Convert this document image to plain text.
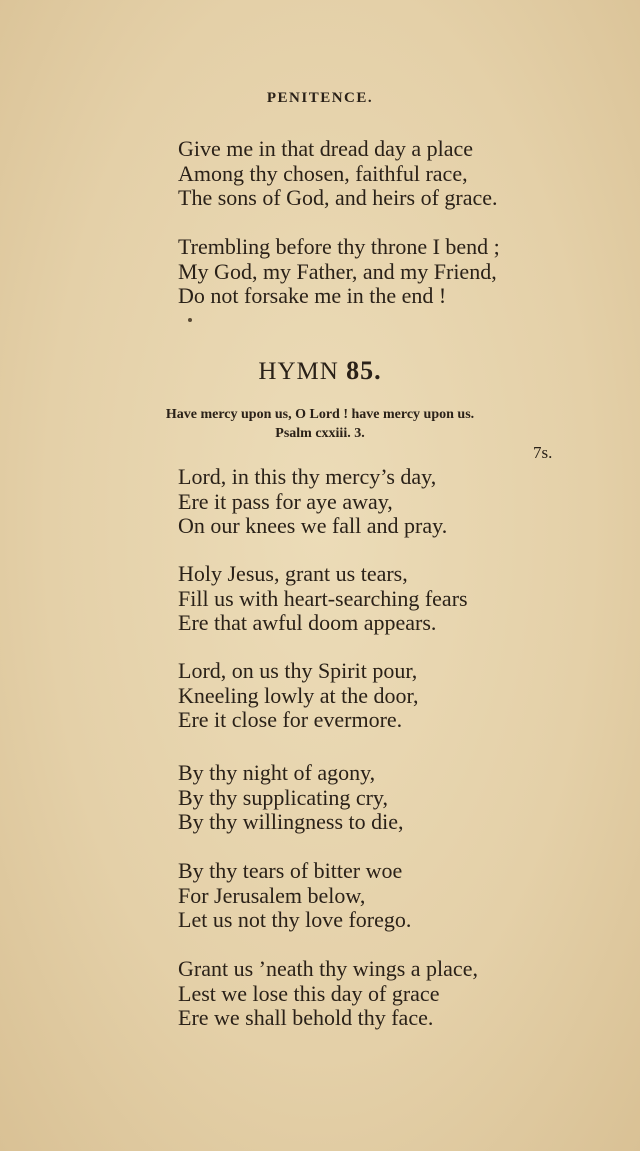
PENITENCE.
Give me in that dread day a place
Among thy chosen, faithful race,
The sons of God, and heirs of grace.
Trembling before thy throne I bend ;
My God, my Father, and my Friend,
Do not forsake me in the end !
HYMN 85.
Have mercy upon us, O Lord ! have mercy upon us.
Psalm cxxiii. 3.
7s.
Lord, in this thy mercy’s day,
Ere it pass for aye away,
On our knees we fall and pray.
Holy Jesus, grant us tears,
Fill us with heart-searching fears
Ere that awful doom appears.
Lord, on us thy Spirit pour,
Kneeling lowly at the door,
Ere it close for evermore.
By thy night of agony,
By thy supplicating cry,
By thy willingness to die,
By thy tears of bitter woe
For Jerusalem below,
Let us not thy love forego.
Grant us ’neath thy wings a place,
Lest we lose this day of grace
Ere we shall behold thy face.
